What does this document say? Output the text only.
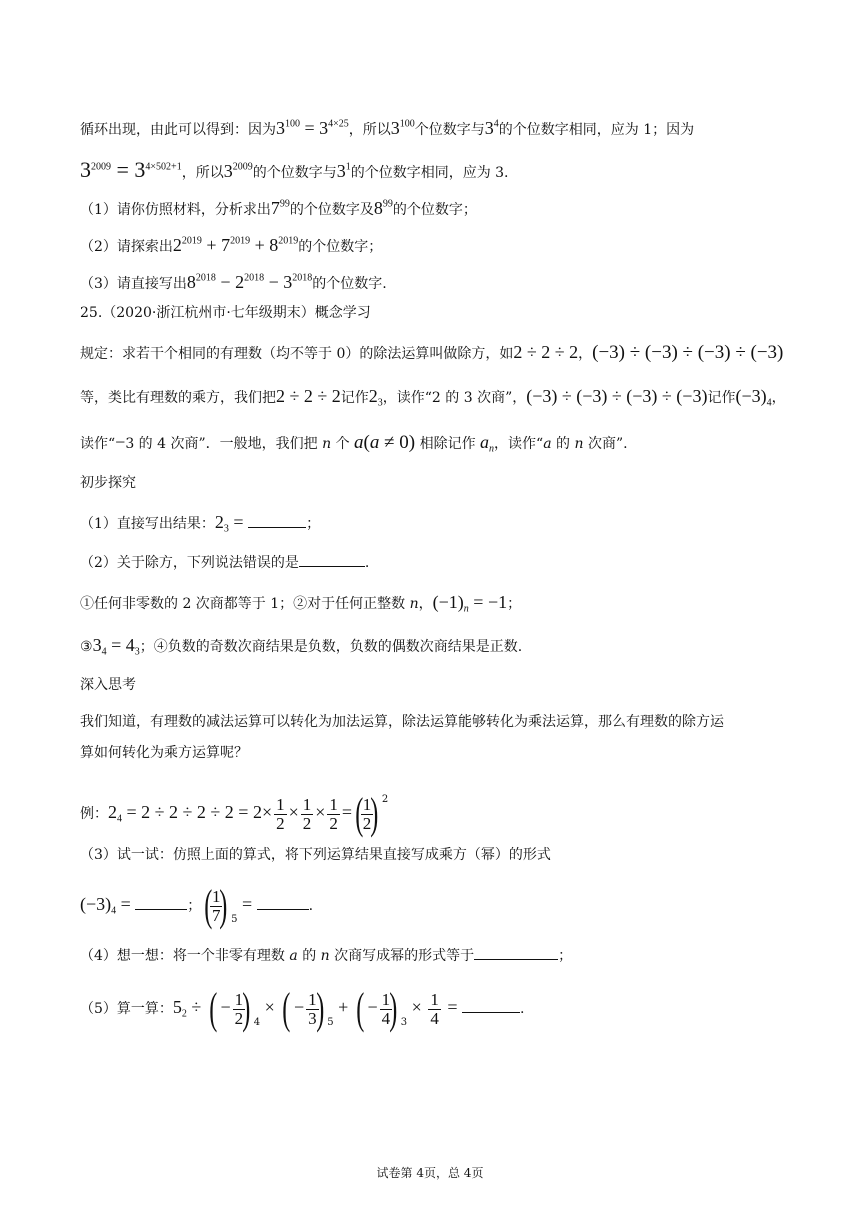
循环出现，由此可以得到：因为$3^{100} = 3^{4\times 25}$，所以$3^{100}$个位数字与$3^4$的个位数字相同，应为 1；因为
$3^{2009} = 3^{4\times 502+1}$，所以$3^{2009}$的个位数字与$3^1$的个位数字相同，应为 3.
（1）请你仿照材料，分析求出$7^{99}$的个位数字及$8^{99}$的个位数字；
（2）请探索出$2^{2019} + 7^{2019} + 8^{2019}$的个位数字；
（3）请直接写出$8^{2018} - 2^{2018} - 3^{2018}$的个位数字.
25.（2020·浙江杭州市·七年级期末）概念学习
规定：求若干个相同的有理数（均不等于 0）的除法运算叫做除方，如2 ÷ 2 ÷ 2，(−3) ÷ (−3) ÷ (−3) ÷ (−3)
等，类比有理数的乘方，我们把2 ÷ 2 ÷ 2记作$2_3$，读作“2 的 3 次商”，(−3) ÷ (−3) ÷ (−3) ÷ (−3)记作$(-3)_4$，
读作“−3 的 4 次商”．一般地，我们把 n 个 a(a ≠ 0) 相除记作 $a_n$，读作“a 的 n 次商”.
初步探究
（1）直接写出结果：$2_3$ =	；
（2）关于除方，下列说法错误的是	.
①任何非零数的 2 次商都等于 1；②对于任何正整数 n，$(-1)_n = -1$；
$③3_4 = 4_3$；④负数的奇数次商结果是负数，负数的偶数次商结果是正数.
深入思考
我们知道，有理数的减法运算可以转化为加法运算，除法运算能够转化为乘法运算，那么有理数的除方运
算如何转化为乘方运算呢？
例：$2_4 = 2 \div 2 \div 2 \div 2 = 2\times \frac{1}{2} \times \frac{1}{2} \times \frac{1}{2}$ =(
$\frac{1}{2}$
) $^2$
（3）试一试：仿照上面的算式，将下列运算结果直接写成乘方（幂）的形式
$(-3)_4$ =	；(
$\frac{1}{7}$
) $_5$ =	.
（4）想一想：将一个非零有理数 a 的 n 次商写成幂的形式等于	；
（5）算一算：$5_2$ ÷ ( − $\frac{1}{2}$
) $_4$ × ( − $\frac{1}{3}$
) $_5$ + ( − $\frac{1}{4}$
) $_3 \times \frac{1}{4}$ =	.
试卷第 4页，总 4页
